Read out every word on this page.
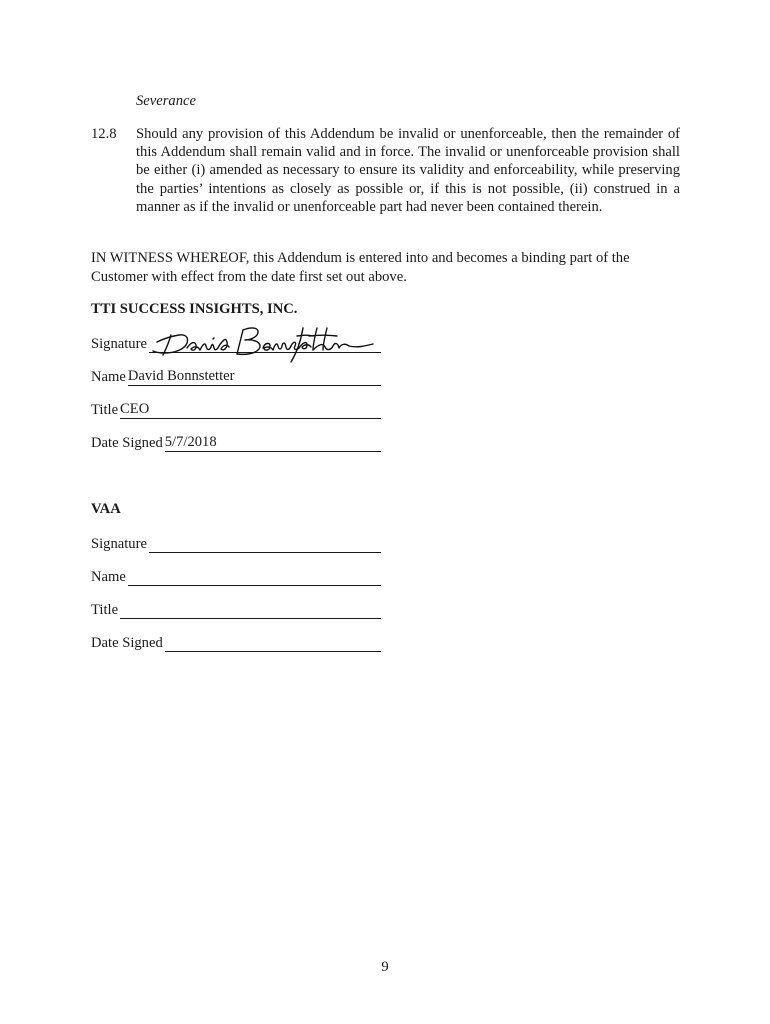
Severance
12.8 Should any provision of this Addendum be invalid or unenforceable, then the remainder of this Addendum shall remain valid and in force. The invalid or unenforceable provision shall be either (i) amended as necessary to ensure its validity and enforceability, while preserving the parties’ intentions as closely as possible or, if this is not possible, (ii) construed in a manner as if the invalid or unenforceable part had never been contained therein.
IN WITNESS WHEREOF, this Addendum is entered into and becomes a binding part of the Customer with effect from the date first set out above.
TTI SUCCESS INSIGHTS, INC.
Signature
Name David Bonnstetter
Title CEO
Date Signed 5/7/2018
VAA
Signature
Name
Title
Date Signed
9
